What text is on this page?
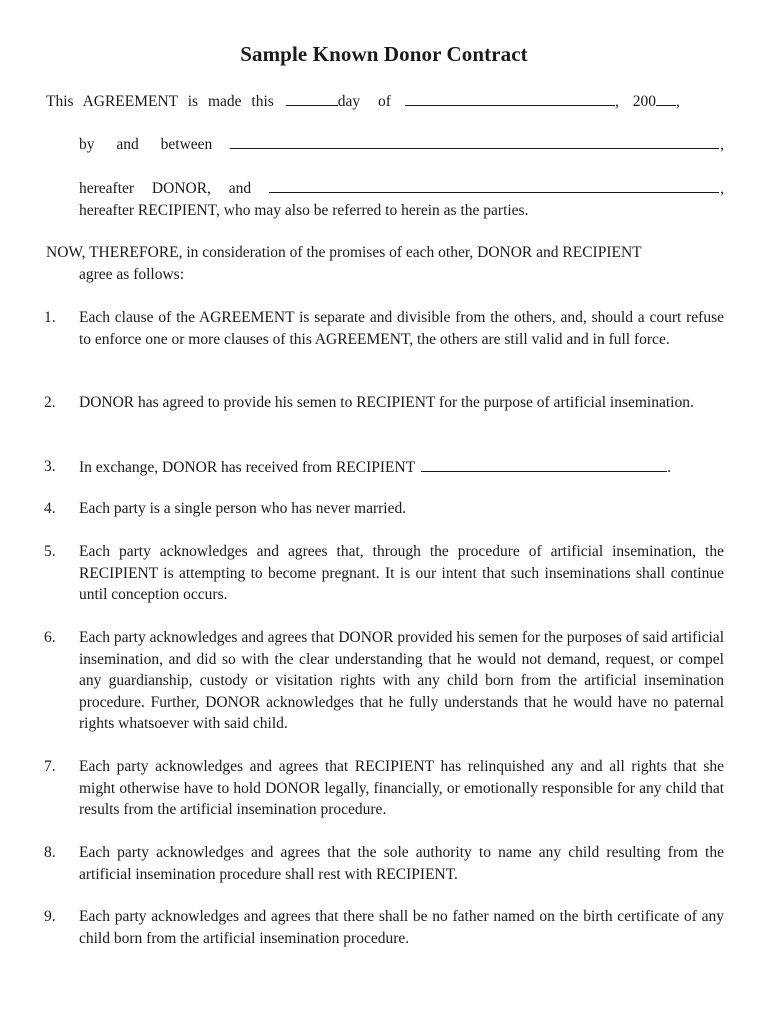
Sample Known Donor Contract
This AGREEMENT is made this	day of	, 200 ,
by and between	,
hereafter DONOR, and	,
hereafter RECIPIENT, who may also be referred to herein as the parties.
NOW, THEREFORE, in consideration of the promises of each other, DONOR and RECIPIENT
agree as follows:
1. Each clause of the AGREEMENT is separate and divisible from the others, and, should a court refuse to enforce one or more clauses of this AGREEMENT, the others are still valid and in full force.
2. DONOR has agreed to provide his semen to RECIPIENT for the purpose of artificial insemination.
3. In exchange, DONOR has received from RECIPIENT	.
4. Each party is a single person who has never married.
5. Each party acknowledges and agrees that, through the procedure of artificial insemination, the RECIPIENT is attempting to become pregnant. It is our intent that such inseminations shall continue until conception occurs.
6. Each party acknowledges and agrees that DONOR provided his semen for the purposes of said artificial insemination, and did so with the clear understanding that he would not demand, request, or compel any guardianship, custody or visitation rights with any child born from the artificial insemination procedure. Further, DONOR acknowledges that he fully understands that he would have no paternal rights whatsoever with said child.
7. Each party acknowledges and agrees that RECIPIENT has relinquished any and all rights that she might otherwise have to hold DONOR legally, financially, or emotionally responsible for any child that results from the artificial insemination procedure.
8. Each party acknowledges and agrees that the sole authority to name any child resulting from the artificial insemination procedure shall rest with RECIPIENT.
9. Each party acknowledges and agrees that there shall be no father named on the birth certificate of any child born from the artificial insemination procedure.
